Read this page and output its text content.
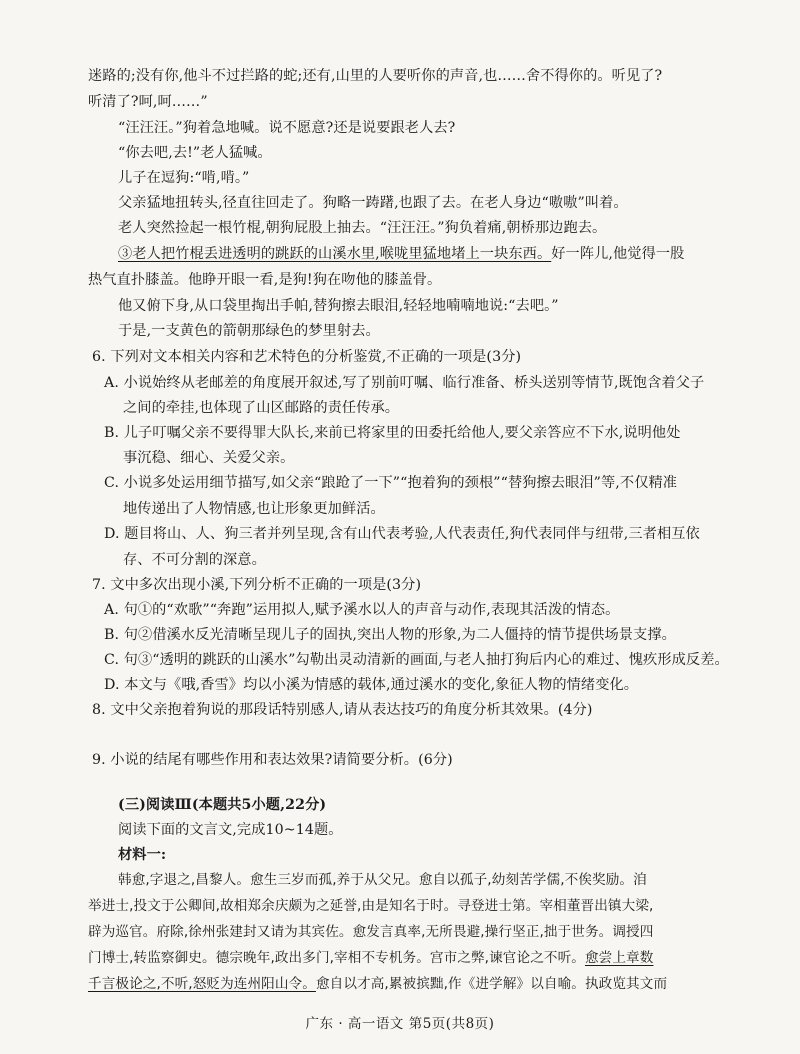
迷路的;没有你,他斗不过拦路的蛇;还有,山里的人要听你的声音,也……舍不得你的。听见了?
听清了?呵,呵……”
“汪汪汪。”狗着急地喊。说不愿意?还是说要跟老人去?
“你去吧,去!”老人猛喊。
儿子在逗狗:“啃,啃。”
父亲猛地扭转头,径直往回走了。狗略一踌躇,也跟了去。在老人身边“嗷嗷”叫着。
老人突然捡起一根竹棍,朝狗屁股上抽去。“汪汪汪。”狗负着痛,朝桥那边跑去。
③老人把竹棍丢进透明的跳跃的山溪水里,喉咙里猛地堵上一块东西。好一阵儿,他觉得一股
热气直扑膝盖。他睁开眼一看,是狗!狗在吻他的膝盖骨。
他又俯下身,从口袋里掏出手帕,替狗擦去眼泪,轻轻地喃喃地说:“去吧。”
于是,一支黄色的箭朝那绿色的梦里射去。
6. 下列对文本相关内容和艺术特色的分析鉴赏,不正确的一项是(3分)
A. 小说始终从老邮差的角度展开叙述,写了别前叮嘱、临行准备、桥头送别等情节,既饱含着父子
之间的牵挂,也体现了山区邮路的责任传承。
B. 儿子叮嘱父亲不要得罪大队长,来前已将家里的田委托给他人,要父亲答应不下水,说明他处
事沉稳、细心、关爱父亲。
C. 小说多处运用细节描写,如父亲“踉跄了一下”“抱着狗的颈根”“替狗擦去眼泪”等,不仅精准
地传递出了人物情感,也让形象更加鲜活。
D. 题目将山、人、狗三者并列呈现,含有山代表考验,人代表责任,狗代表同伴与纽带,三者相互依
存、不可分割的深意。
7. 文中多次出现小溪,下列分析不正确的一项是(3分)
A. 句①的“欢歌”“奔跑”运用拟人,赋予溪水以人的声音与动作,表现其活泼的情态。
B. 句②借溪水反光清晰呈现儿子的固执,突出人物的形象,为二人僵持的情节提供场景支撑。
C. 句③“透明的跳跃的山溪水”勾勒出灵动清新的画面,与老人抽打狗后内心的难过、愧疚形成反差。
D. 本文与《哦,香雪》均以小溪为情感的载体,通过溪水的变化,象征人物的情绪变化。
8. 文中父亲抱着狗说的那段话特别感人,请从表达技巧的角度分析其效果。(4分)
9. 小说的结尾有哪些作用和表达效果?请简要分析。(6分)
(三)阅读Ⅲ(本题共5小题,22分)
阅读下面的文言文,完成10~14题。
材料一:
韩愈,字退之,昌黎人。愈生三岁而孤,养于从父兄。愈自以孤子,幼刻苦学儒,不俟奖励。洎
举进士,投文于公卿间,故相郑余庆颇为之延誉,由是知名于时。寻登进士第。宰相董晋出镇大梁,
辟为巡官。府除,徐州张建封又请为其宾佐。愈发言真率,无所畏避,操行坚正,拙于世务。调授四
门博士,转监察御史。德宗晚年,政出多门,宰相不专机务。宫市之弊,谏官论之不听。愈尝上章数
千言极论之,不听,怒贬为连州阳山令。愈自以才高,累被摈黜,作《进学解》以自喻。执政览其文而
广东 · 高一语文 第5页(共8页)
